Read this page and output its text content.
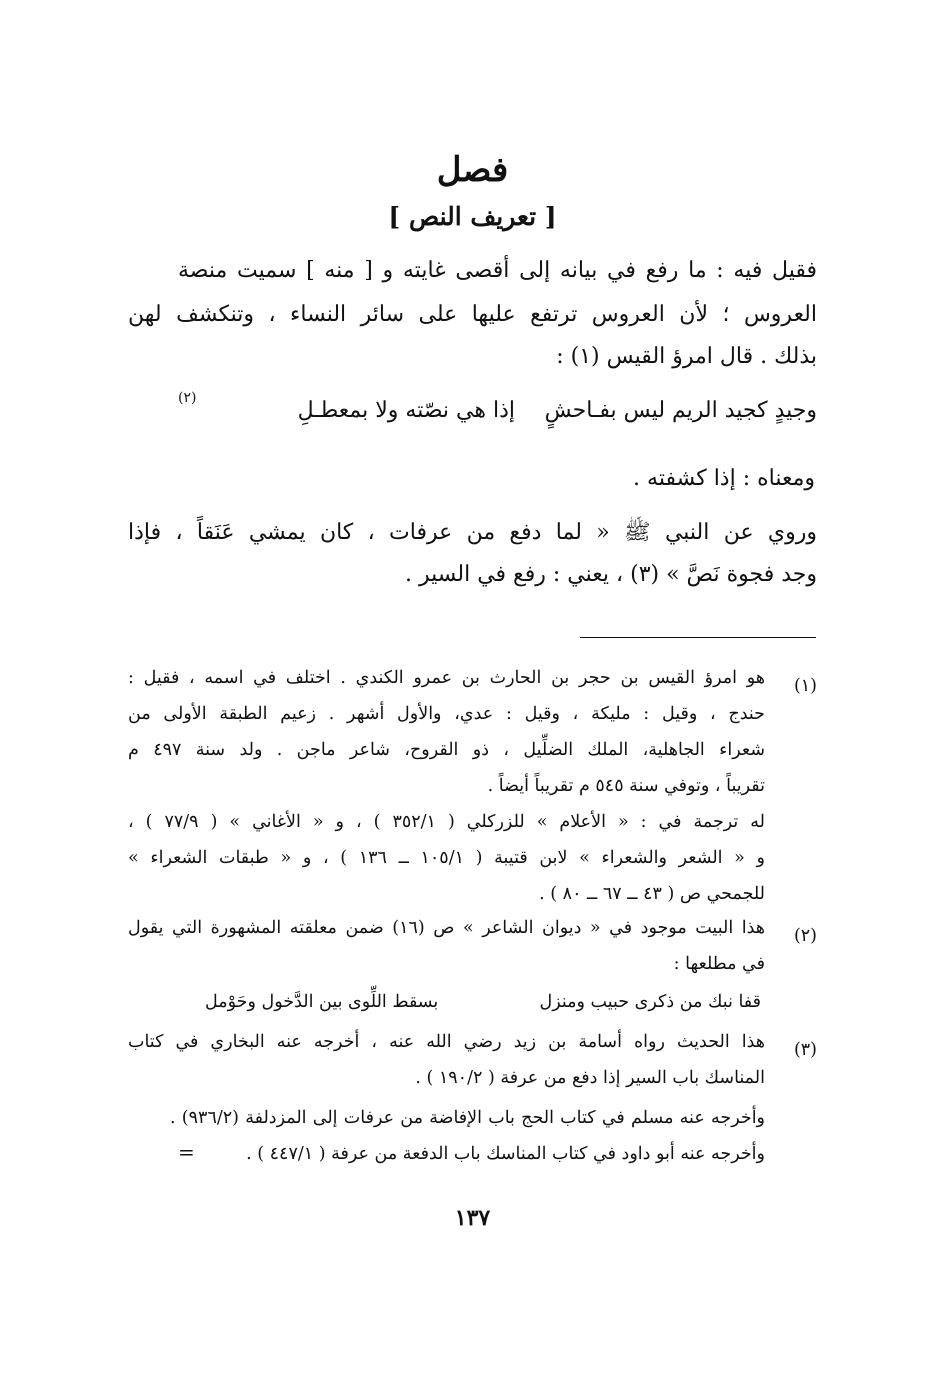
فصل
[ تعريف النص ]
فقيل فيه : ما رفع في بيانه إلى أقصى غايته و [ منه ] سميت منصة
العروس ؛ لأن العروس ترتفع عليها على سائر النساء ، وتنكشف لهن
بذلك . قال امرؤ القيس (١) :
وجيدٍ كجيد الريم ليس بفـاحشٍ
إذا هي نصّته ولا بمعطـلِ
(٢)
ومعناه : إذا كشفته .
وروي عن النبي ﷺ « لما دفع من عرفات ، كان يمشي عَنَقاً ، فإذا
وجد فجوة نَصَّ » (٣) ، يعني : رفع في السير .
(١)
هو امرؤ القيس بن حجر بن الحارث بن عمرو الكندي . اختلف في اسمه ، فقيل :
حندج ، وقيل : مليكة ، وقيل : عدي، والأول أشهر . زعيم الطبقة الأولى من
شعراء الجاهلية، الملك الضلِّيل ، ذو القروح، شاعر ماجن . ولد سنة ٤٩٧ م
تقريباً ، وتوفي سنة ٥٤٥ م تقريباً أيضاً .
له ترجمة في : « الأعلام » للزركلي ( ٣٥٢/١ ) ، و « الأغاني » ( ٧٧/٩ ) ،
و « الشعر والشعراء » لابن قتيبة ( ١٠٥/١ ــ ١٣٦ ) ، و « طبقات الشعراء »
للجمحي ص ( ٤٣ ــ ٦٧ ــ ٨٠ ) .
(٢)
هذا البيت موجود في « ديوان الشاعر » ص (١٦) ضمن معلقته المشهورة التي يقول
في مطلعها :
قفا نبك من ذكرى حبيب ومنزل
بسقط اللِّوى بين الدَّخول وحَوْمل
(٣)
هذا الحديث رواه أسامة بن زيد رضي الله عنه ، أخرجه عنه البخاري في كتاب
المناسك باب السير إذا دفع من عرفة ( ١٩٠/٢ ) .
وأخرجه عنه مسلم في كتاب الحج باب الإفاضة من عرفات إلى المزدلفة (٩٣٦/٢) .
وأخرجه عنه أبو داود في كتاب المناسك باب الدفعة من عرفة ( ٤٤٧/١ ) .
=
١٣٧
